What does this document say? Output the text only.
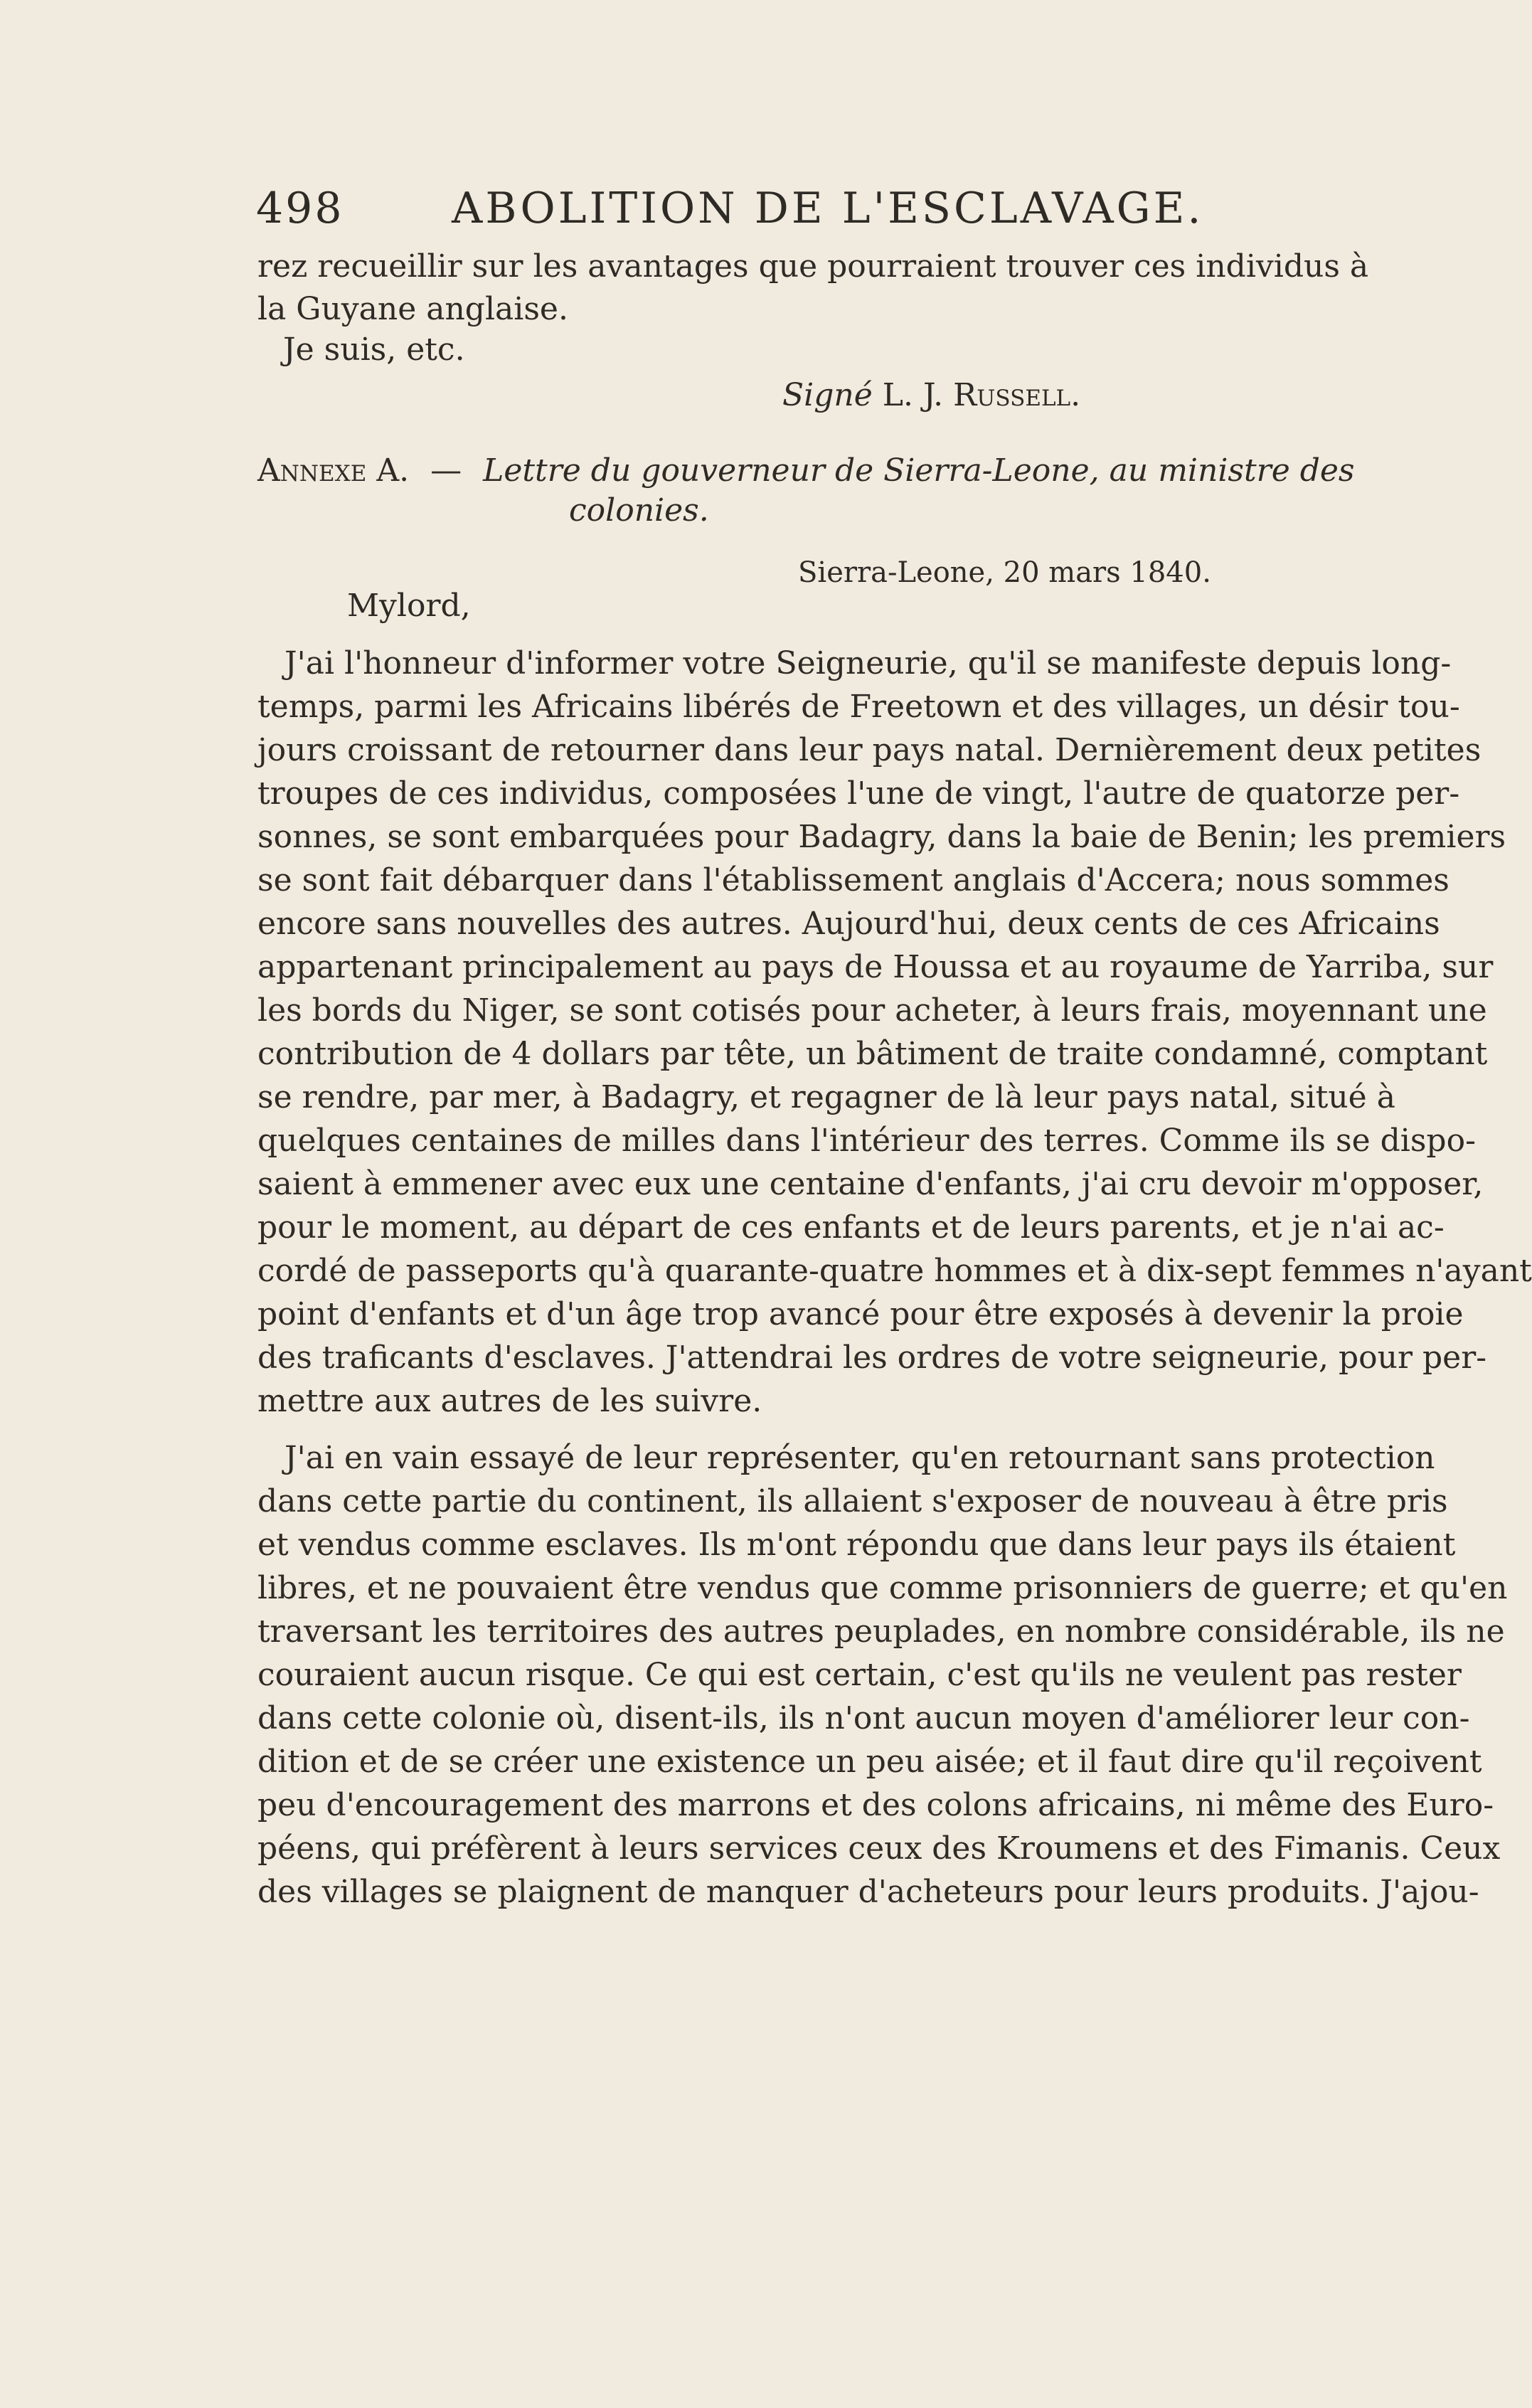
498	ABOLITION DE L'ESCLAVAGE.
rez recueillir sur les avantages que pourraient trouver ces individus à
la Guyane anglaise.
Je suis, etc.
Signé L. J. Russell.
Annexe A. — Lettre du gouverneur de Sierra-Leone, au ministre des
colonies.
Sierra-Leone, 20 mars 1840.
Mylord,
J'ai l'honneur d'informer votre Seigneurie, qu'il se manifeste depuis long-
temps, parmi les Africains libérés de Freetown et des villages, un désir tou-
jours croissant de retourner dans leur pays natal. Dernièrement deux petites
troupes de ces individus, composées l'une de vingt, l'autre de quatorze per-
sonnes, se sont embarquées pour Badagry, dans la baie de Benin; les premiers
se sont fait débarquer dans l'établissement anglais d'Accera; nous sommes
encore sans nouvelles des autres. Aujourd'hui, deux cents de ces Africains
appartenant principalement au pays de Houssa et au royaume de Yarriba, sur
les bords du Niger, se sont cotisés pour acheter, à leurs frais, moyennant une
contribution de 4 dollars par tête, un bâtiment de traite condamné, comptant
se rendre, par mer, à Badagry, et regagner de là leur pays natal, situé à
quelques centaines de milles dans l'intérieur des terres. Comme ils se dispo-
saient à emmener avec eux une centaine d'enfants, j'ai cru devoir m'opposer,
pour le moment, au départ de ces enfants et de leurs parents, et je n'ai ac-
cordé de passeports qu'à quarante-quatre hommes et à dix-sept femmes n'ayant
point d'enfants et d'un âge trop avancé pour être exposés à devenir la proie
des traficants d'esclaves. J'attendrai les ordres de votre seigneurie, pour per-
mettre aux autres de les suivre.
J'ai en vain essayé de leur représenter, qu'en retournant sans protection
dans cette partie du continent, ils allaient s'exposer de nouveau à être pris
et vendus comme esclaves. Ils m'ont répondu que dans leur pays ils étaient
libres, et ne pouvaient être vendus que comme prisonniers de guerre; et qu'en
traversant les territoires des autres peuplades, en nombre considérable, ils ne
couraient aucun risque. Ce qui est certain, c'est qu'ils ne veulent pas rester
dans cette colonie où, disent-ils, ils n'ont aucun moyen d'améliorer leur con-
dition et de se créer une existence un peu aisée; et il faut dire qu'il reçoivent
peu d'encouragement des marrons et des colons africains, ni même des Euro-
péens, qui préfèrent à leurs services ceux des Kroumens et des Fimanis. Ceux
des villages se plaignent de manquer d'acheteurs pour leurs produits. J'ajou-
